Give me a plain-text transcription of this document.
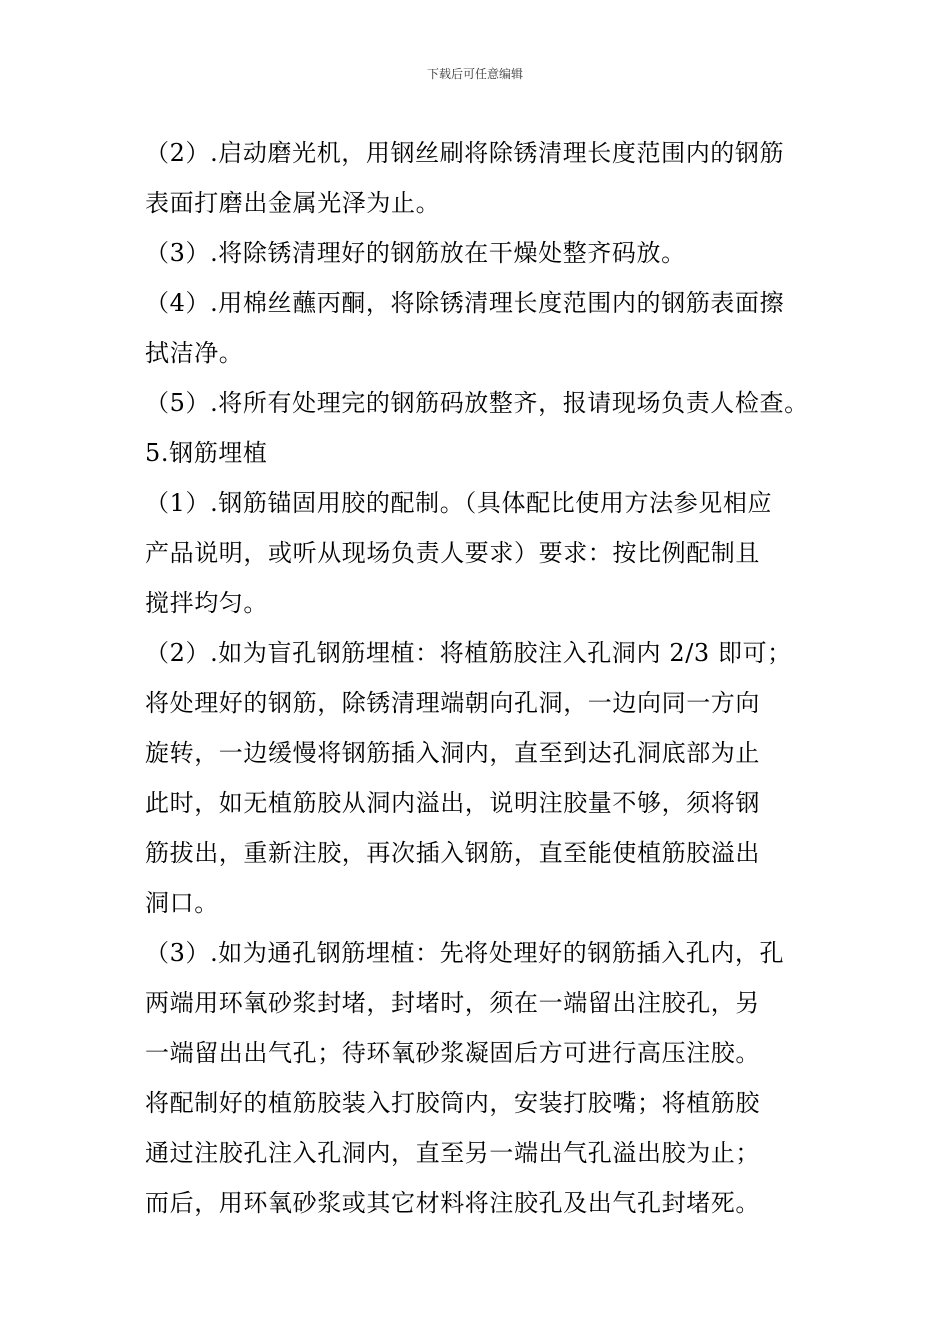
下载后可任意编辑
（2）.启动磨光机，用钢丝刷将除锈清理长度范围内的钢筋
表面打磨出金属光泽为止。
（3）.将除锈清理好的钢筋放在干燥处整齐码放。
（4）.用棉丝蘸丙酮，将除锈清理长度范围内的钢筋表面擦
拭洁净。
（5）.将所有处理完的钢筋码放整齐，报请现场负责人检查。
5.钢筋埋植
（1）.钢筋锚固用胶的配制。（具体配比使用方法参见相应
产品说明，或听从现场负责人要求）要求：按比例配制且
搅拌均匀。
（2）.如为盲孔钢筋埋植：将植筋胶注入孔洞内 2/3 即可；
将处理好的钢筋，除锈清理端朝向孔洞，一边向同一方向
旋转，一边缓慢将钢筋插入洞内，直至到达孔洞底部为止
此时，如无植筋胶从洞内溢出，说明注胶量不够，须将钢
筋拔出，重新注胶，再次插入钢筋，直至能使植筋胶溢出
洞口。
（3）.如为通孔钢筋埋植：先将处理好的钢筋插入孔内，孔
两端用环氧砂浆封堵，封堵时，须在一端留出注胶孔，另
一端留出出气孔；待环氧砂浆凝固后方可进行高压注胶。
将配制好的植筋胶装入打胶筒内，安装打胶嘴；将植筋胶
通过注胶孔注入孔洞内，直至另一端出气孔溢出胶为止；
而后，用环氧砂浆或其它材料将注胶孔及出气孔封堵死。
